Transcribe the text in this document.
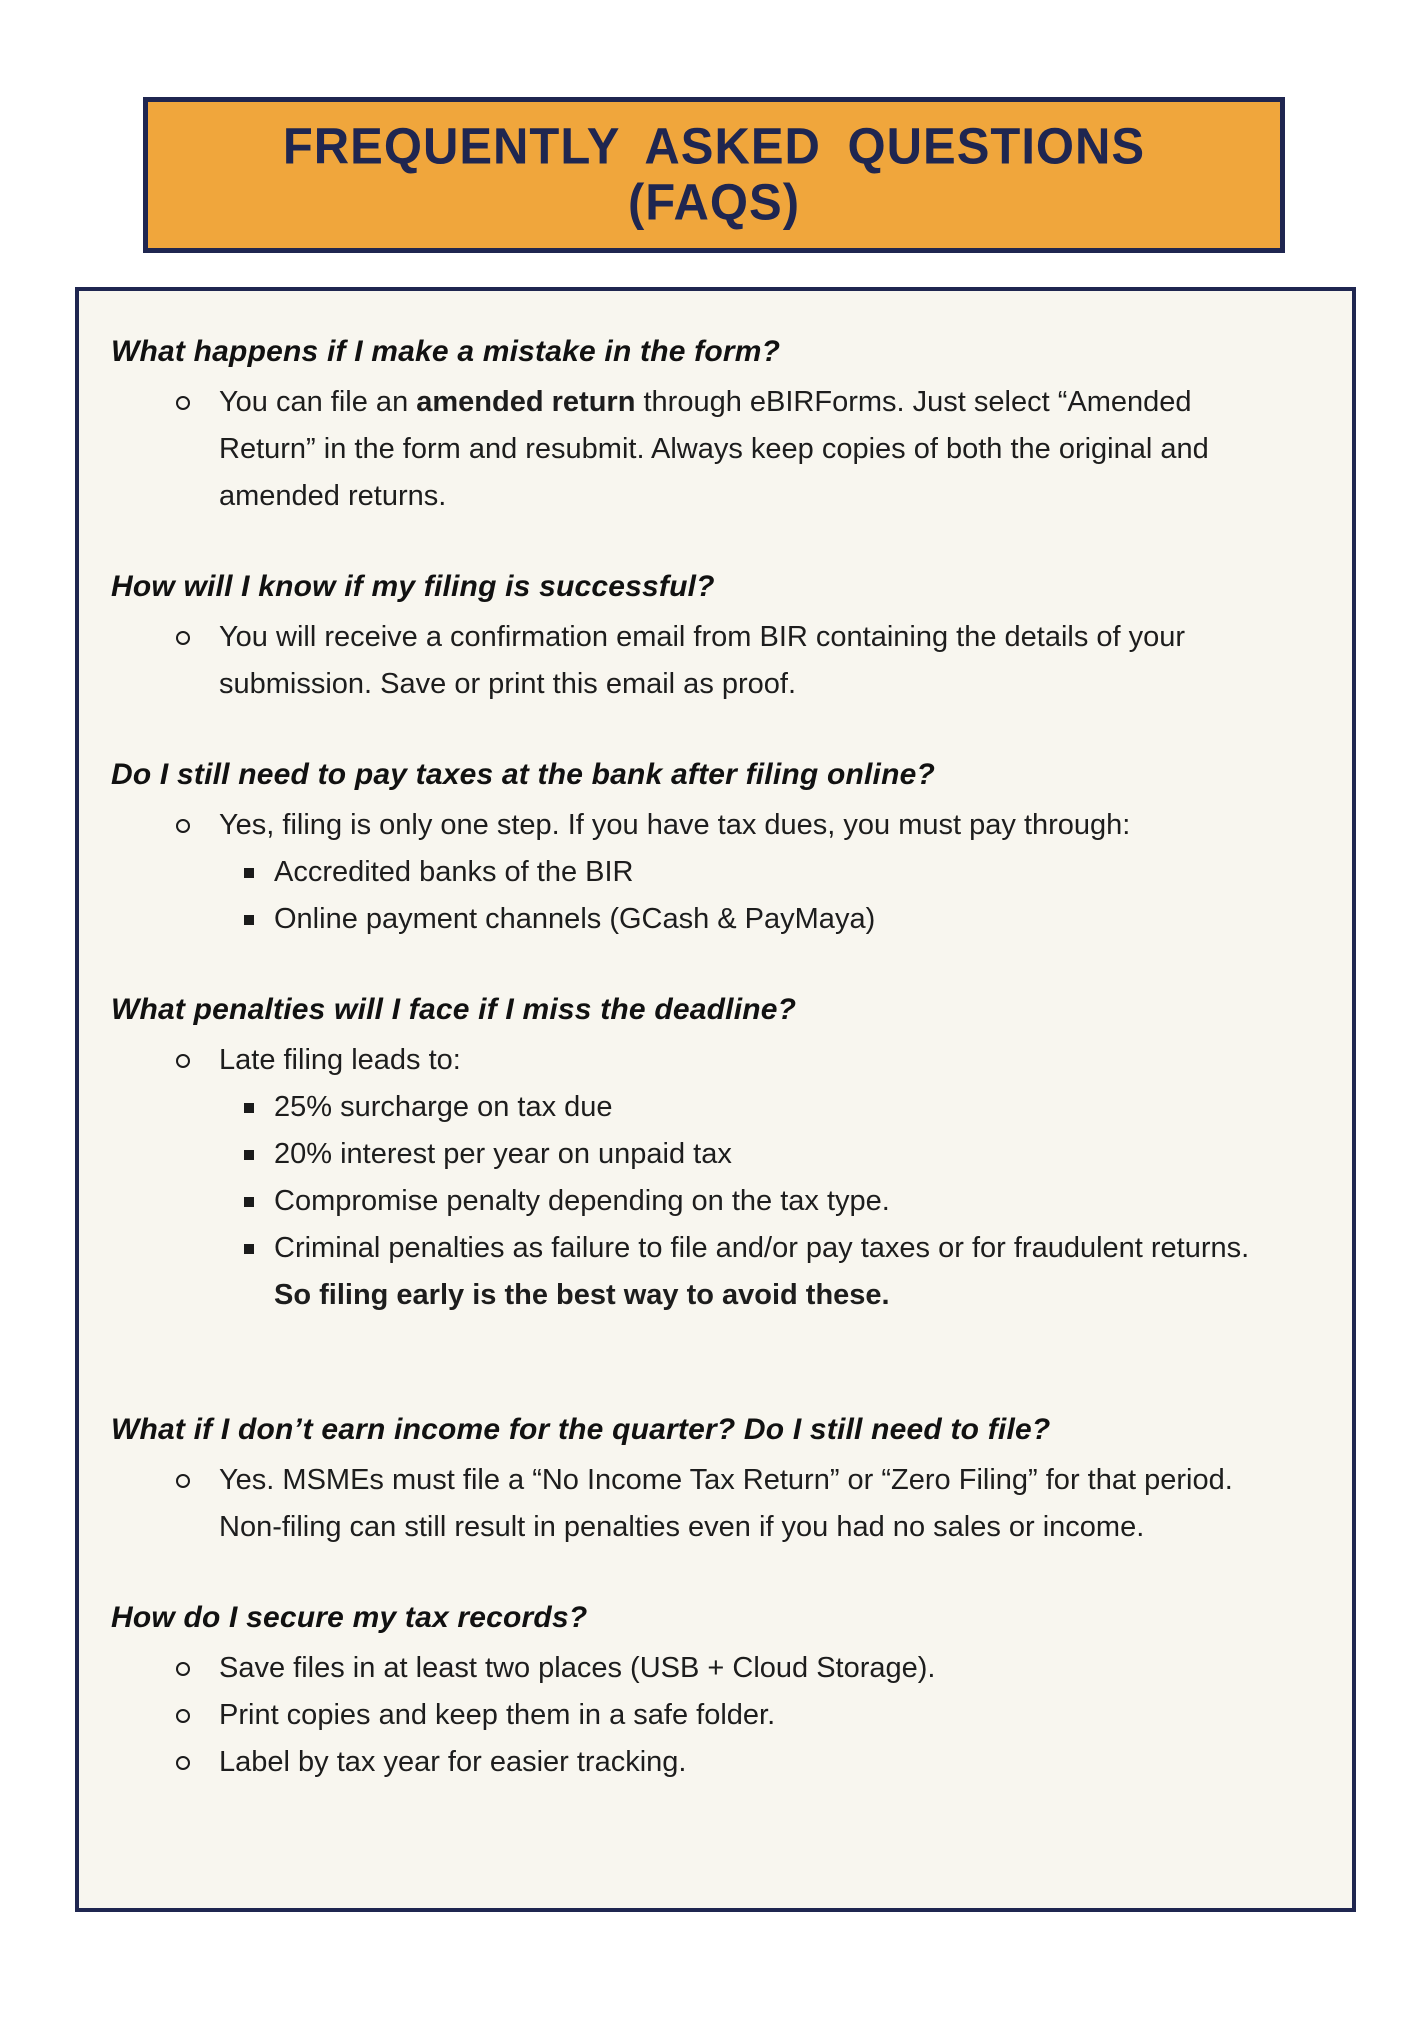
FREQUENTLY ASKED QUESTIONS
(FAQS)
What happens if I make a mistake in the form?
You can file an amended return through eBIRForms. Just select “Amended Return” in the form and resubmit. Always keep copies of both the original and amended returns.
How will I know if my filing is successful?
You will receive a confirmation email from BIR containing the details of your submission. Save or print this email as proof.
Do I still need to pay taxes at the bank after filing online?
Yes, filing is only one step. If you have tax dues, you must pay through:
Accredited banks of the BIR
Online payment channels (GCash & PayMaya)
What penalties will I face if I miss the deadline?
Late filing leads to:
25% surcharge on tax due
20% interest per year on unpaid tax
Compromise penalty depending on the tax type.
Criminal penalties as failure to file and/or pay taxes or for fraudulent returns. So filing early is the best way to avoid these.
What if I don’t earn income for the quarter? Do I still need to file?
Yes. MSMEs must file a “No Income Tax Return” or “Zero Filing” for that period. Non-filing can still result in penalties even if you had no sales or income.
How do I secure my tax records?
Save files in at least two places (USB + Cloud Storage).
Print copies and keep them in a safe folder.
Label by tax year for easier tracking.
